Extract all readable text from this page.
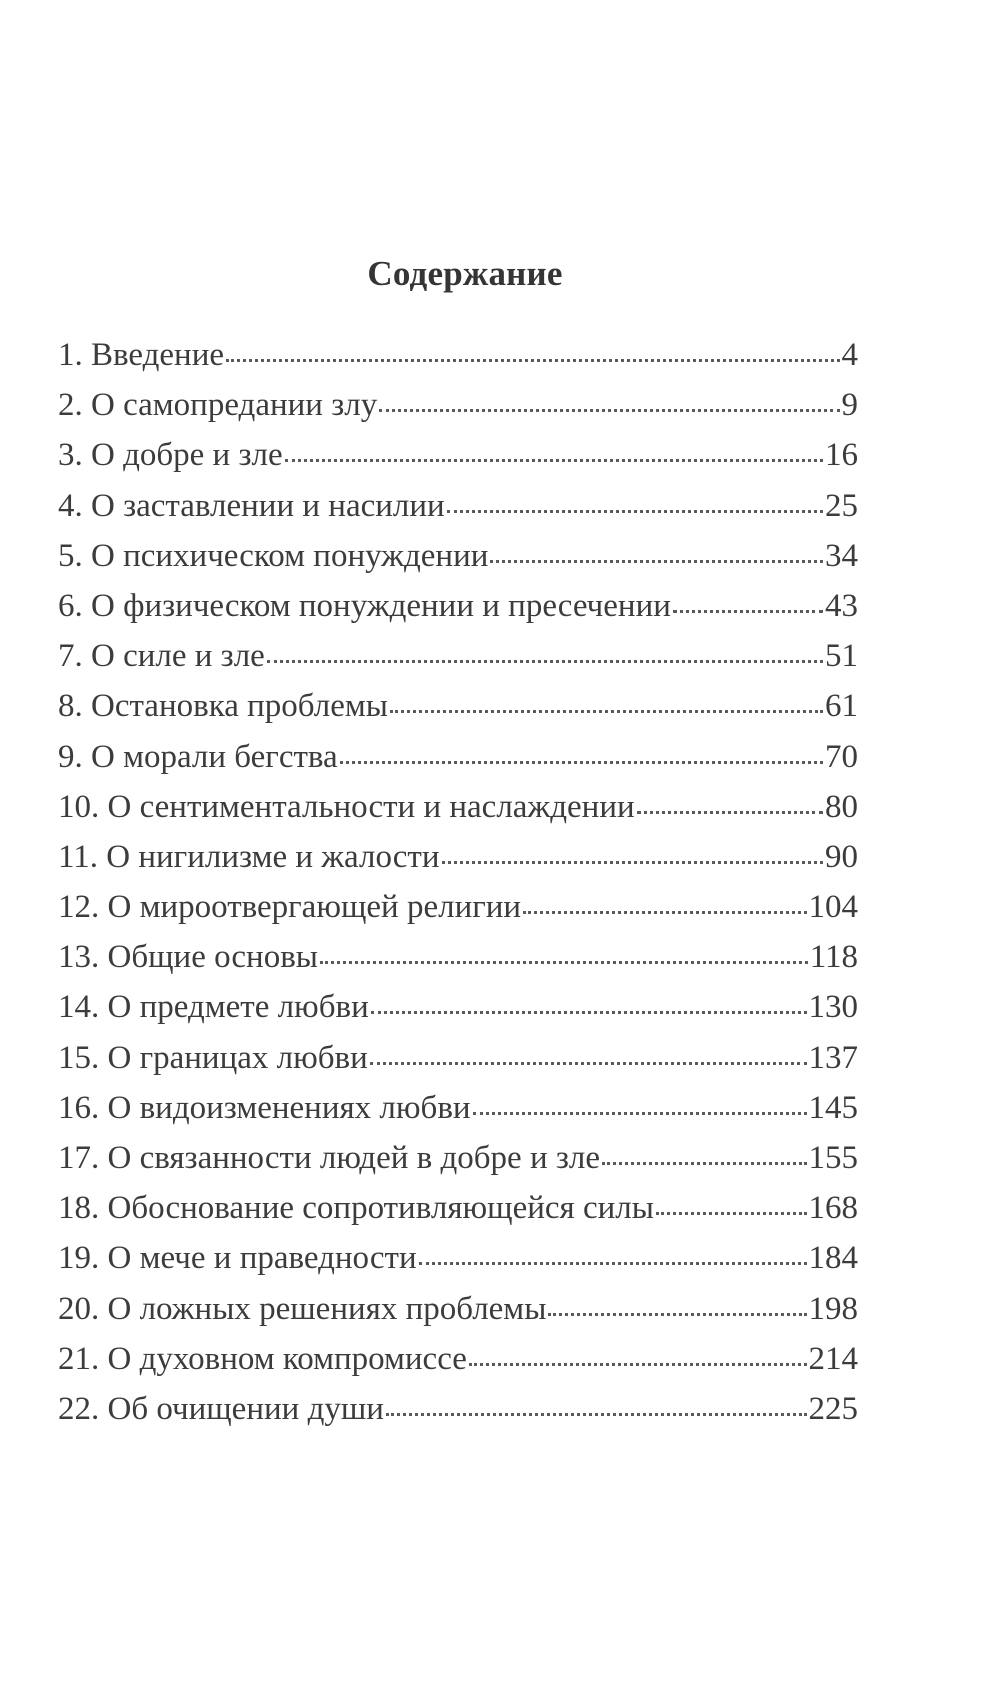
Содержание
1. Введение	4
2. О самопредании злу	9
3. О добре и зле	16
4. О заставлении и насилии	25
5. О психическом понуждении	34
6. О физическом понуждении и пресечении	43
7. О силе и зле	51
8. Остановка проблемы	61
9. О морали бегства	70
10. О сентиментальности и наслаждении	80
11. О нигилизме и жалости	90
12. О мироотвергающей религии	104
13. Общие основы	118
14. О предмете любви	130
15. О границах любви	137
16. О видоизменениях любви	145
17. О связанности людей в добре и зле	155
18. Обоснование сопротивляющейся силы	168
19. О мече и праведности	184
20. О ложных решениях проблемы	198
21. О духовном компромиссе	214
22. Об очищении души	225
